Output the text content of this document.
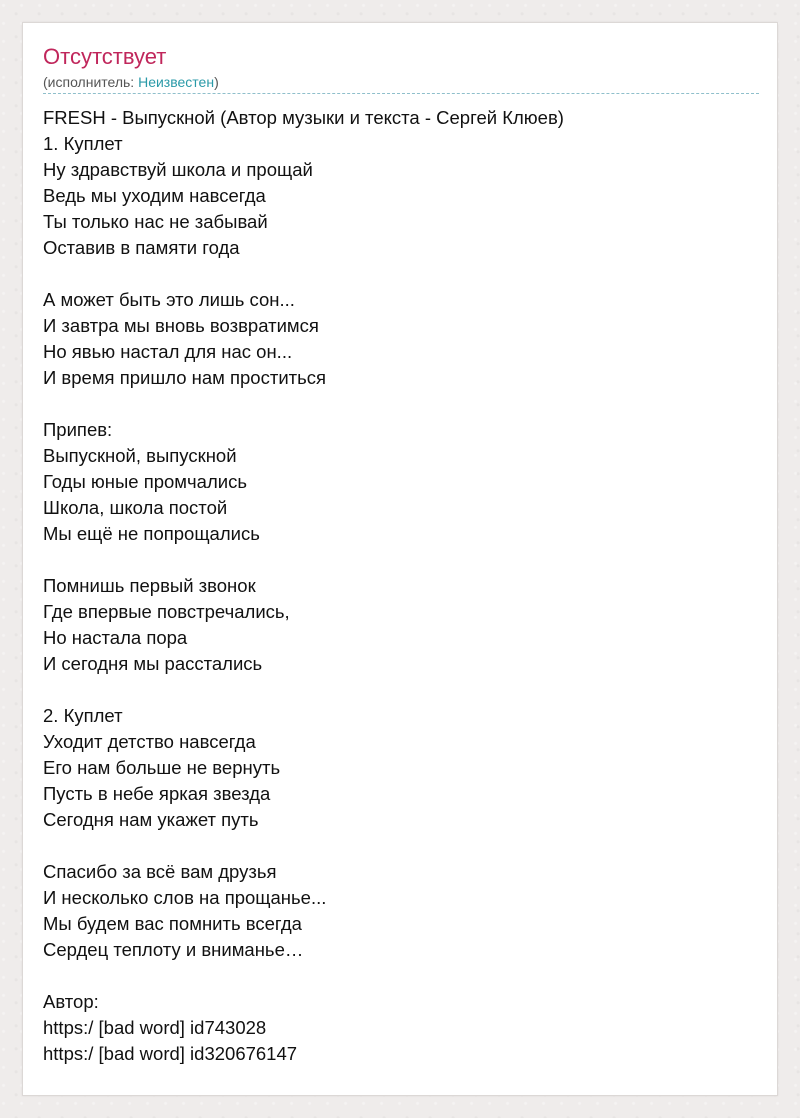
Отсутствует
(исполнитель: Неизвестен)
FRESH - Выпускной (Автор музыки и текста - Сергей Клюев)
1. Куплет
Ну здравствуй школа и прощай
Ведь мы уходим навсегда
Ты только нас не забывай
Оставив в памяти года
А может быть это лишь сон...
И завтра мы вновь возвратимся
Но явью настал для нас он...
И время пришло нам проститься
Припев:
Выпускной, выпускной
Годы юные промчались
Школа, школа постой
Мы ещё не попрощались
Помнишь первый звонок
Где впервые повстречались,
Но настала пора
И сегодня мы расстались
2. Куплет
Уходит детство навсегда
Его нам больше не вернуть
Пусть в небе яркая звезда
Сегодня нам укажет путь
Спасибо за всё вам друзья
И несколько слов на прощанье...
Мы будем вас помнить всегда
Сердец теплоту и вниманье…
Автор:
https:/ [bad word] id743028
https:/ [bad word] id320676147
